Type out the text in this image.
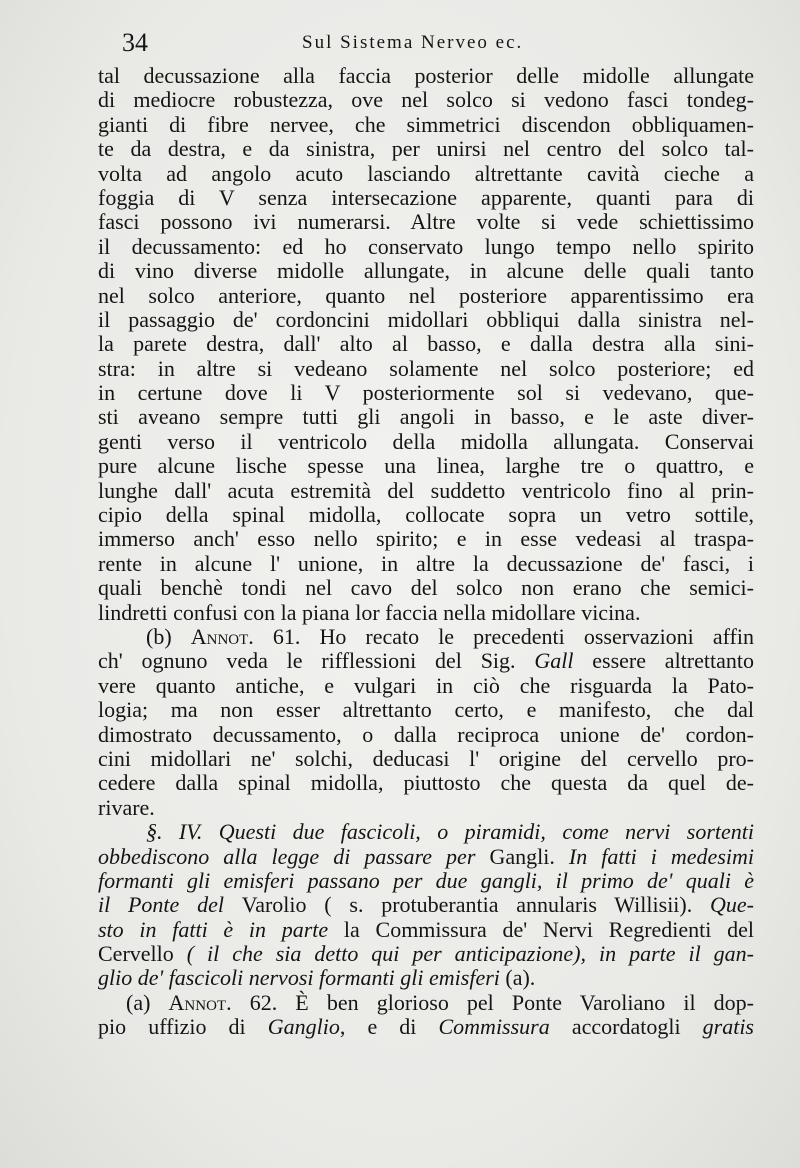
34	Sul Sistema Nerveo ec.
tal decussazione alla faccia posterior delle midolle allungate
di mediocre robustezza, ove nel solco si vedono fasci tondeg-
gianti di fibre nervee, che simmetrici discendon obbliquamen-
te da destra, e da sinistra, per unirsi nel centro del solco tal-
volta ad angolo acuto lasciando altrettante cavità cieche a
foggia di V senza intersecazione apparente, quanti para di
fasci possono ivi numerarsi. Altre volte si vede schiettissimo
il decussamento: ed ho conservato lungo tempo nello spirito
di vino diverse midolle allungate, in alcune delle quali tanto
nel solco anteriore, quanto nel posteriore apparentissimo era
il passaggio de' cordoncini midollari obbliqui dalla sinistra nel-
la parete destra, dall' alto al basso, e dalla destra alla sini-
stra: in altre si vedeano solamente nel solco posteriore; ed
in certune dove li V posteriormente sol si vedevano, que-
sti aveano sempre tutti gli angoli in basso, e le aste diver-
genti verso il ventricolo della midolla allungata. Conservai
pure alcune lische spesse una linea, larghe tre o quattro, e
lunghe dall' acuta estremità del suddetto ventricolo fino al prin-
cipio della spinal midolla, collocate sopra un vetro sottile,
immerso anch' esso nello spirito; e in esse vedeasi al traspa-
rente in alcune l' unione, in altre la decussazione de' fasci, i
quali benchè tondi nel cavo del solco non erano che semici-
lindretti confusi con la piana lor faccia nella midollare vicina.
(b) Annot. 61. Ho recato le precedenti osservazioni affin
ch' ognuno veda le rifflessioni del Sig. Gall essere altrettanto
vere quanto antiche, e vulgari in ciò che risguarda la Pato-
logia; ma non esser altrettanto certo, e manifesto, che dal
dimostrato decussamento, o dalla reciproca unione de' cordon-
cini midollari ne' solchi, deducasi l' origine del cervello pro-
cedere dalla spinal midolla, piuttosto che questa da quel de-
rivare.
§. IV. Questi due fascicoli, o piramidi, come nervi sortenti
obbediscono alla legge di passare per Gangli. In fatti i medesimi
formanti gli emisferi passano per due gangli, il primo de' quali è
il Ponte del Varolio ( s. protuberantia annularis Willisii). Que-
sto in fatti è in parte la Commissura de' Nervi Regredienti del
Cervello ( il che sia detto qui per anticipazione), in parte il gan-
glio de' fascicoli nervosi formanti gli emisferi (a).
(a) Annot. 62. È ben glorioso pel Ponte Varoliano il dop-
pio uffizio di Ganglio, e di Commissura accordatogli gratis
